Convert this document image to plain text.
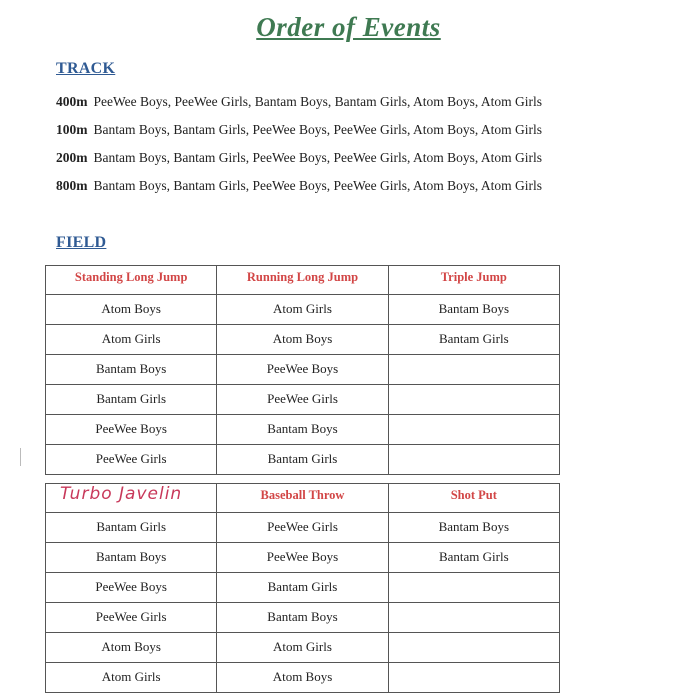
Order of Events
TRACK
400m PeeWee Boys, PeeWee Girls, Bantam Boys, Bantam Girls, Atom Boys, Atom Girls
100m Bantam Boys, Bantam Girls, PeeWee Boys, PeeWee Girls, Atom Boys, Atom Girls
200m Bantam Boys, Bantam Girls, PeeWee Boys, PeeWee Girls, Atom Boys, Atom Girls
800m Bantam Boys, Bantam Girls, PeeWee Boys, PeeWee Girls, Atom Boys, Atom Girls
FIELD
Standing Long Jump	Running Long Jump	Triple Jump
Atom Boys	Atom Girls	Bantam Boys
Atom Girls	Atom Boys	Bantam Girls
Bantam Boys	PeeWee Boys	
Bantam Girls	PeeWee Girls	
PeeWee Boys	Bantam Boys	
PeeWee Girls	Bantam Girls	
Turbo Javelin	Baseball Throw	Shot Put
Bantam Girls	PeeWee Girls	Bantam Boys
Bantam Boys	PeeWee Boys	Bantam Girls
PeeWee Boys	Bantam Girls	
PeeWee Girls	Bantam Boys	
Atom Boys	Atom Girls	
Atom Girls	Atom Boys	
